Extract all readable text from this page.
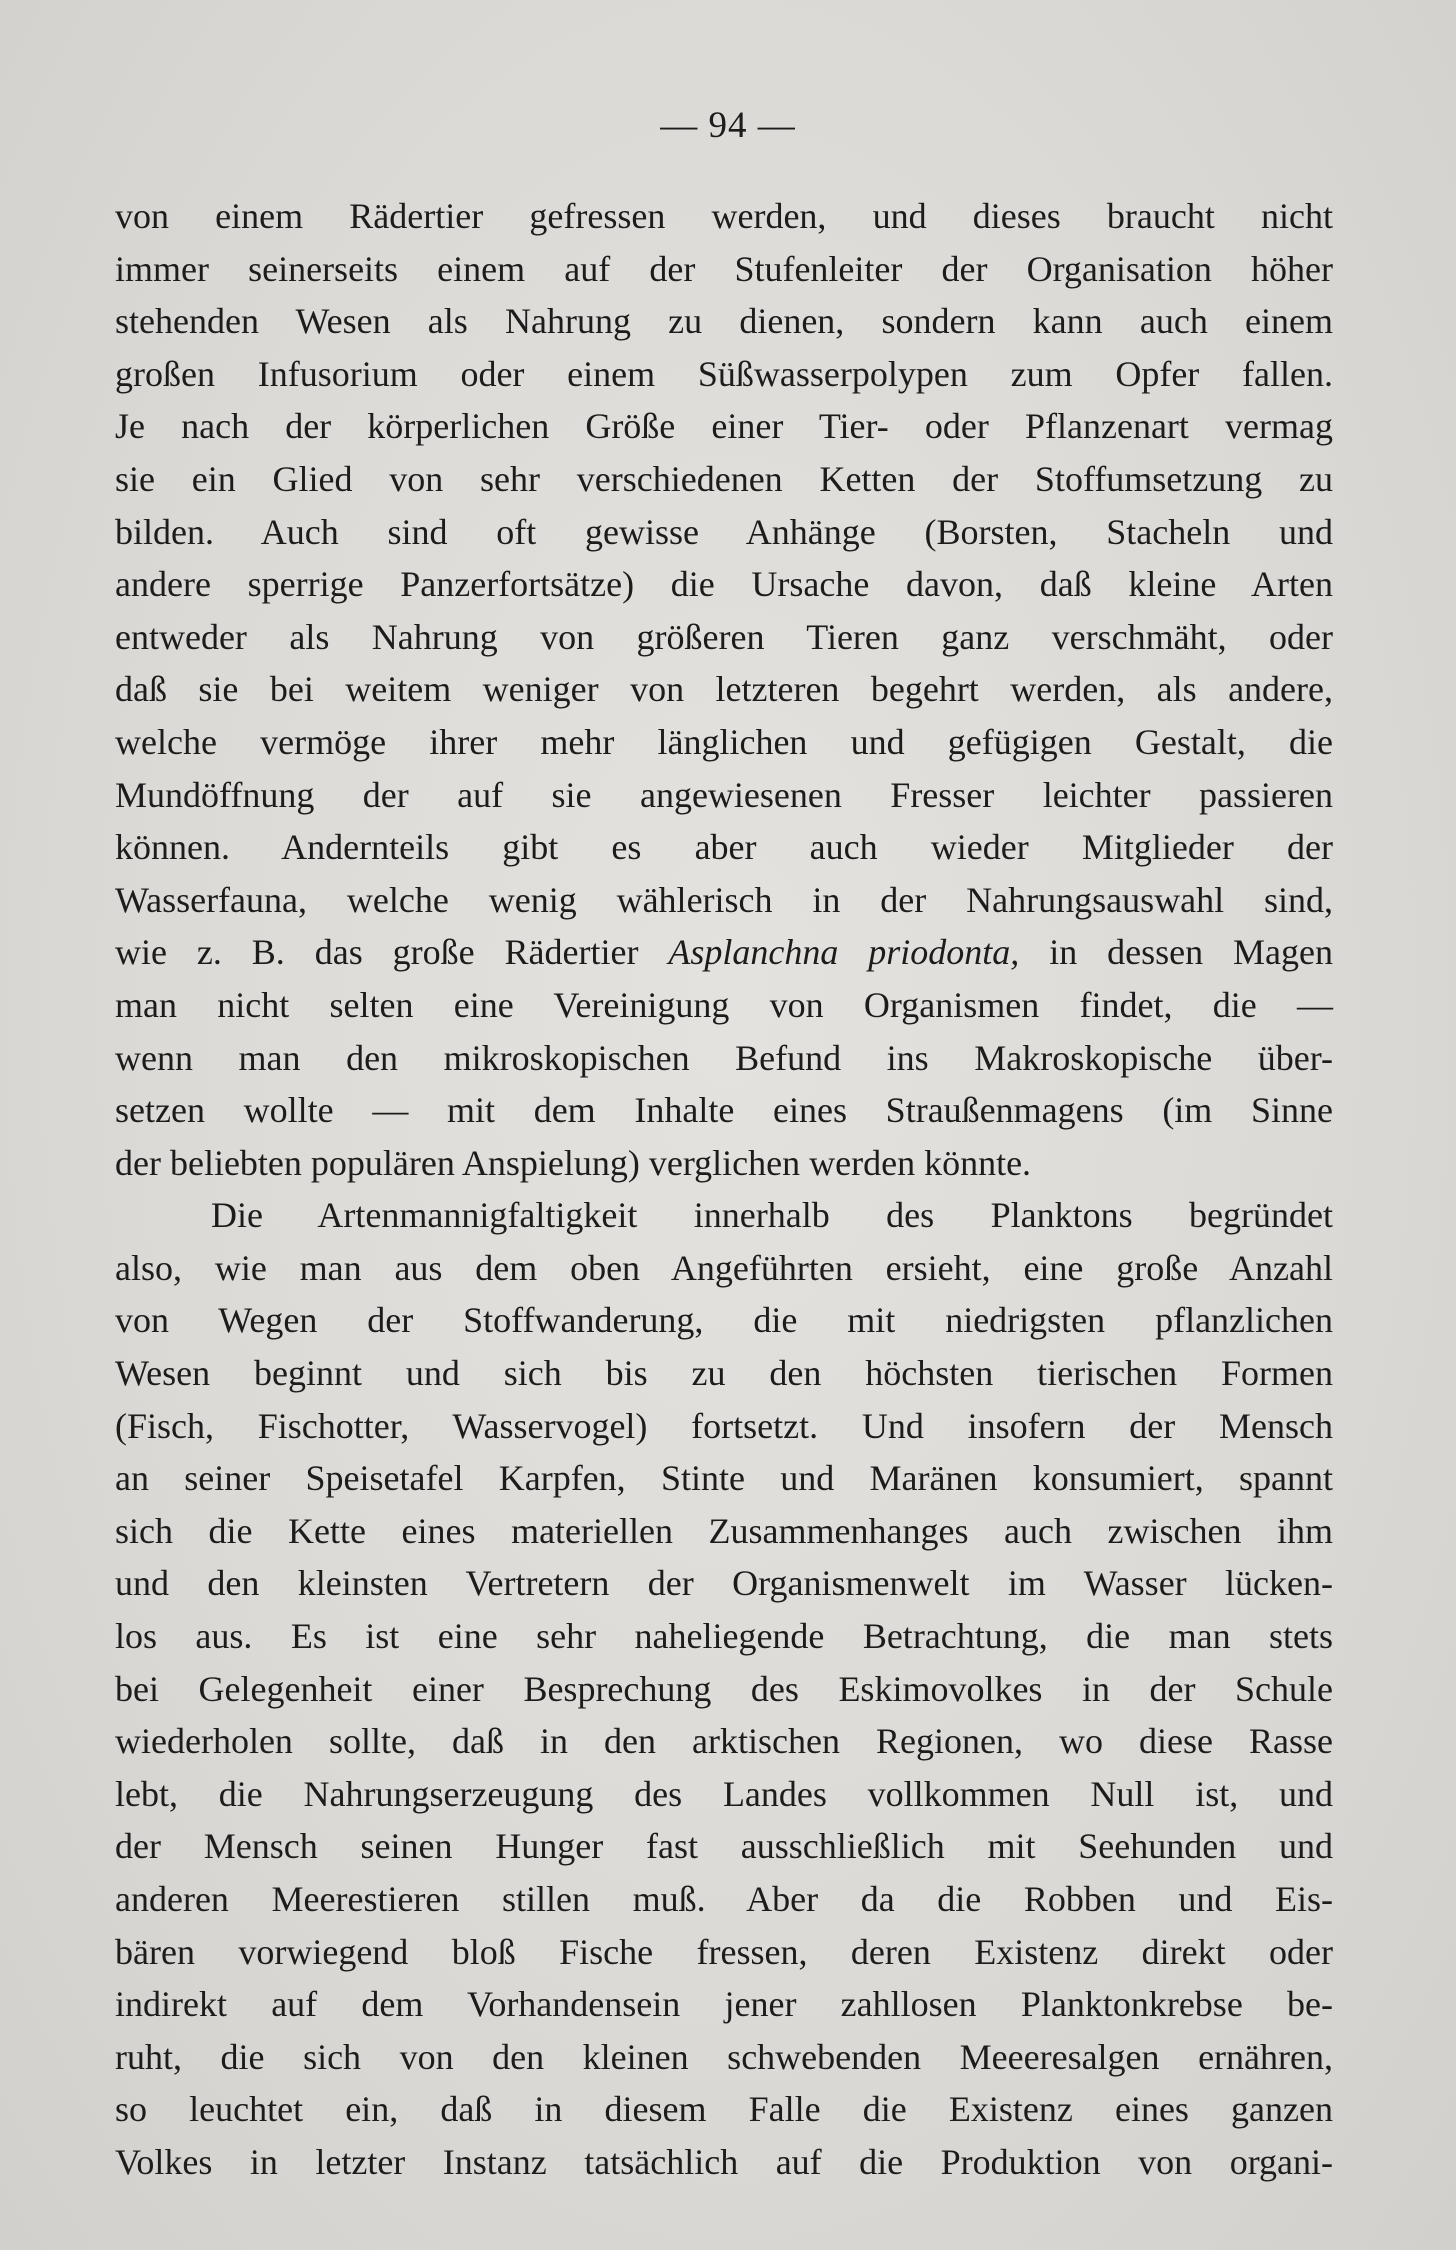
— 94 —
von einem Rädertier gefressen werden, und dieses braucht nicht
immer seinerseits einem auf der Stufenleiter der Organisation höher
stehenden Wesen als Nahrung zu dienen, sondern kann auch einem
großen Infusorium oder einem Süßwasserpolypen zum Opfer fallen.
Je nach der körperlichen Größe einer Tier- oder Pflanzenart vermag
sie ein Glied von sehr verschiedenen Ketten der Stoffumsetzung zu
bilden. Auch sind oft gewisse Anhänge (Borsten, Stacheln und
andere sperrige Panzerfortsätze) die Ursache davon, daß kleine Arten
entweder als Nahrung von größeren Tieren ganz verschmäht, oder
daß sie bei weitem weniger von letzteren begehrt werden, als andere,
welche vermöge ihrer mehr länglichen und gefügigen Gestalt, die
Mundöffnung der auf sie angewiesenen Fresser leichter passieren
können. Andernteils gibt es aber auch wieder Mitglieder der
Wasserfauna, welche wenig wählerisch in der Nahrungsauswahl sind,
wie z. B. das große Rädertier Asplanchna priodonta, in dessen Magen
man nicht selten eine Vereinigung von Organismen findet, die —
wenn man den mikroskopischen Befund ins Makroskopische über-
setzen wollte — mit dem Inhalte eines Straußenmagens (im Sinne
der beliebten populären Anspielung) verglichen werden könnte.
Die Artenmannigfaltigkeit innerhalb des Planktons begründet
also, wie man aus dem oben Angeführten ersieht, eine große Anzahl
von Wegen der Stoffwanderung, die mit niedrigsten pflanzlichen
Wesen beginnt und sich bis zu den höchsten tierischen Formen
(Fisch, Fischotter, Wasservogel) fortsetzt. Und insofern der Mensch
an seiner Speisetafel Karpfen, Stinte und Maränen konsumiert, spannt
sich die Kette eines materiellen Zusammenhanges auch zwischen ihm
und den kleinsten Vertretern der Organismenwelt im Wasser lücken-
los aus. Es ist eine sehr naheliegende Betrachtung, die man stets
bei Gelegenheit einer Besprechung des Eskimovolkes in der Schule
wiederholen sollte, daß in den arktischen Regionen, wo diese Rasse
lebt, die Nahrungserzeugung des Landes vollkommen Null ist, und
der Mensch seinen Hunger fast ausschließlich mit Seehunden und
anderen Meerestieren stillen muß. Aber da die Robben und Eis-
bären vorwiegend bloß Fische fressen, deren Existenz direkt oder
indirekt auf dem Vorhandensein jener zahllosen Planktonkrebse be-
ruht, die sich von den kleinen schwebenden Meeeresalgen ernähren,
so leuchtet ein, daß in diesem Falle die Existenz eines ganzen
Volkes in letzter Instanz tatsächlich auf die Produktion von organi-
